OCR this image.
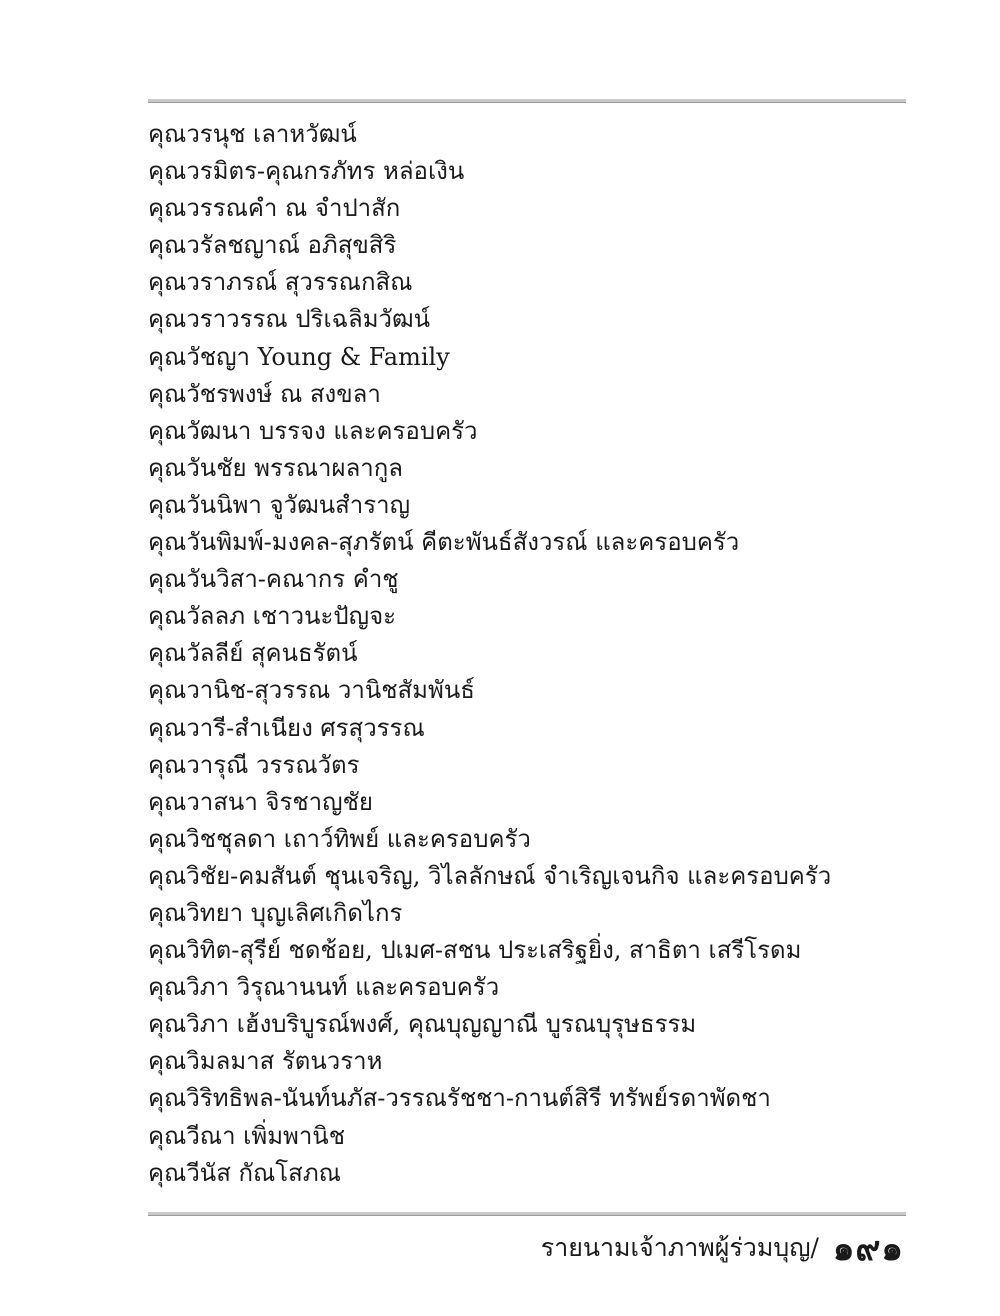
คุณวรนุช เลาหวัฒน์
คุณวรมิตร-คุณกรภัทร หล่อเงิน
คุณวรรณคำ ณ จำปาสัก
คุณวรัลชญาณ์ อภิสุขสิริ
คุณวราภรณ์ สุวรรณกสิณ
คุณวราวรรณ ปริเฉลิมวัฒน์
คุณวัชญา Young & Family
คุณวัชรพงษ์ ณ สงขลา
คุณวัฒนา บรรจง และครอบครัว
คุณวันชัย พรรณาผลากูล
คุณวันนิพา จูวัฒนสำราญ
คุณวันพิมพ์-มงคล-สุภรัตน์ คีตะพันธ์สังวรณ์ และครอบครัว
คุณวันวิสา-คณากร คำชู
คุณวัลลภ เชาวนะปัญจะ
คุณวัลลีย์ สุคนธรัตน์
คุณวานิช-สุวรรณ วานิชสัมพันธ์
คุณวารี-สำเนียง ศรสุวรรณ
คุณวารุณี วรรณวัตร
คุณวาสนา จิรชาญชัย
คุณวิชชุลดา เถาว์ทิพย์ และครอบครัว
คุณวิชัย-คมสันต์ ชุนเจริญ, วิไลลักษณ์ จำเริญเจนกิจ และครอบครัว
คุณวิทยา บุญเลิศเกิดไกร
คุณวิทิต-สุรีย์ ชดช้อย, ปเมศ-สชน ประเสริฐยิ่ง, สาธิตา เสรีโรดม
คุณวิภา วิรุณานนท์ และครอบครัว
คุณวิภา เฮ้งบริบูรณ์พงศ์, คุณบุญญาณี บูรณบุรุษธรรม
คุณวิมลมาส รัตนวราห
คุณวิริทธิพล-นันท์นภัส-วรรณรัชชา-กานต์สิรี ทรัพย์รดาพัดชา
คุณวีณา เพิ่มพานิช
คุณวีนัส กัณโสภณ
รายนามเจ้าภาพผู้ร่วมบุญ/ ๑๙๑
